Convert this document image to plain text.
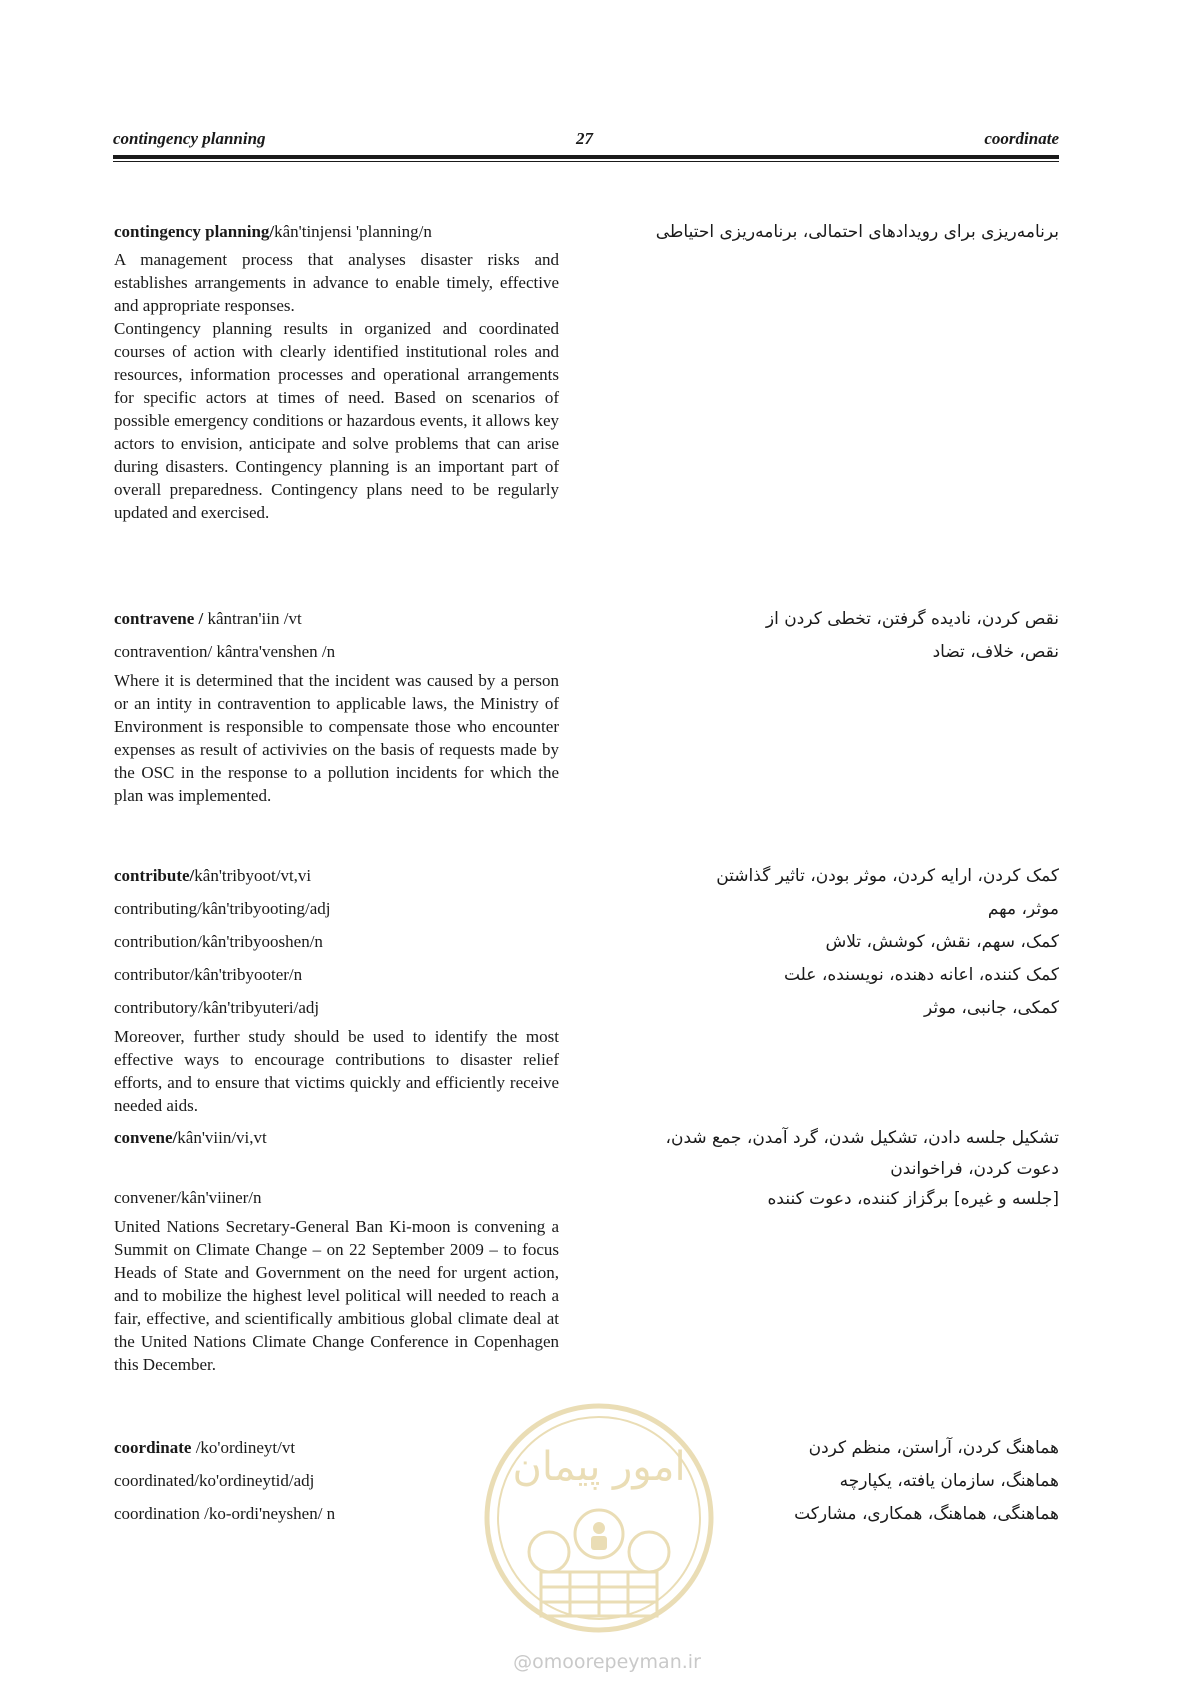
contingency planning	27	coordinate

contingency planning/kân'tinjensi 'planning/n

A management process that analyses disaster risks and establishes arrangements in advance to enable timely, effective and appropriate responses.

Contingency planning results in organized and coordinated courses of action with clearly identified institutional roles and resources, information processes and operational arrangements for specific actors at times of need. Based on scenarios of possible emergency conditions or hazardous events, it allows key actors to envision, anticipate and solve problems that can arise during disasters. Contingency planning is an important part of overall preparedness. Contingency plans need to be regularly updated and exercised.

برنامه‌ریزی برای رویدادهای احتمالی، برنامه‌ریزی احتیاطی

contravene / kântran'iin /vt

contravention/ kântra'venshen /n

Where it is determined that the incident was caused by a person or an intity in contravention to applicable laws, the Ministry of Environment is responsible to compensate those who encounter expenses as result of activivies on the basis of requests made by the OSC in the response to a pollution incidents for which the plan was implemented.

نقص کردن، نادیده گرفتن، تخطی کردن از

نقص، خلاف، تضاد

contribute/kân'tribyoot/vt,vi

contributing/kân'tribyooting/adj

contribution/kân'tribyooshen/n

contributor/kân'tribyooter/n

contributory/kân'tribyuteri/adj

Moreover, further study should be used to identify the most effective ways to encourage contributions to disaster relief efforts, and to ensure that victims quickly and efficiently receive needed aids.

کمک کردن، ارایه کردن، موثر بودن، تاثیر گذاشتن

موثر، مهم

کمک، سهم، نقش، کوشش، تلاش

کمک کننده، اعانه دهنده، نویسنده، علت

کمکی، جانبی، موثر

convene/kân'viin/vi,vt

convener/kân'viiner/n

United Nations Secretary-General Ban Ki-moon is convening a Summit on Climate Change – on 22 September 2009 – to focus Heads of State and Government on the need for urgent action, and to mobilize the highest level political will needed to reach a fair, effective, and scientifically ambitious global climate deal at the United Nations Climate Change Conference in Copenhagen this December.

تشکیل جلسه دادن، تشکیل شدن، گرد آمدن، جمع شدن،

دعوت کردن، فراخواندن

[جلسه و غیره] برگزاز کننده، دعوت کننده

coordinate /ko'ordineyt/vt

coordinated/ko'ordineytid/adj

coordination /ko-ordi'neyshen/ n

هماهنگ کردن، آراستن، منظم کردن

هماهنگ، سازمان یافته، یکپارچه

هماهنگی، هماهنگ، همکاری، مشارکت

امور پیمان
@omoorepeyman.ir
